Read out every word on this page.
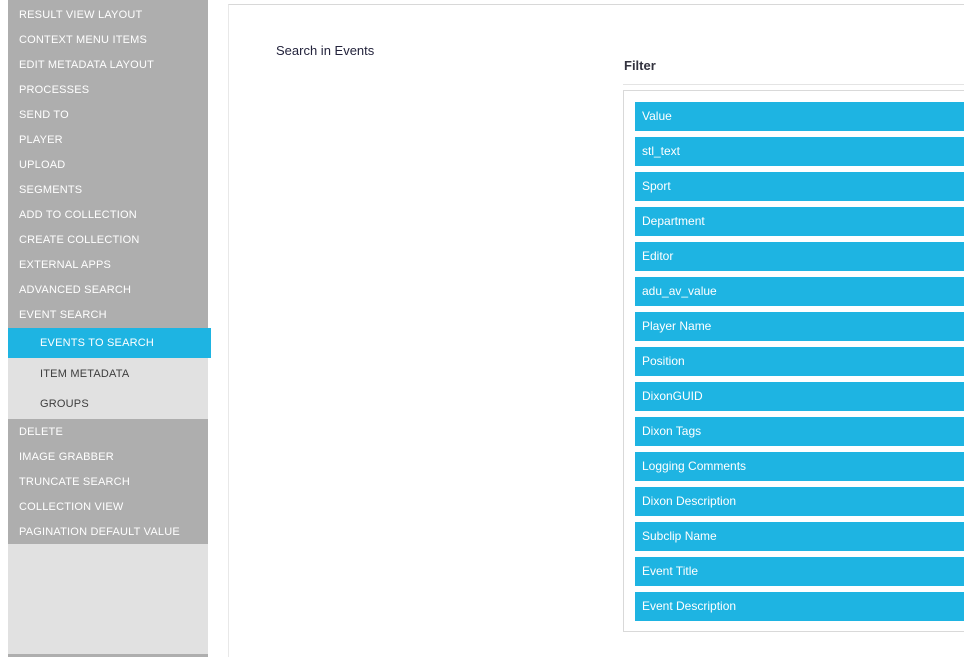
RESULT VIEW LAYOUT
CONTEXT MENU ITEMS
EDIT METADATA LAYOUT
PROCESSES
SEND TO
PLAYER
UPLOAD
SEGMENTS
ADD TO COLLECTION
CREATE COLLECTION
EXTERNAL APPS
ADVANCED SEARCH
EVENT SEARCH
EVENTS TO SEARCH
ITEM METADATA
GROUPS
DELETE
IMAGE GRABBER
TRUNCATE SEARCH
COLLECTION VIEW
PAGINATION DEFAULT VALUE
Search in Events
Filter
Value
stl_text
Sport
Department
Editor
adu_av_value
Player Name
Position
DixonGUID
Dixon Tags
Logging Comments
Dixon Description
Subclip Name
Event Title
Event Description
